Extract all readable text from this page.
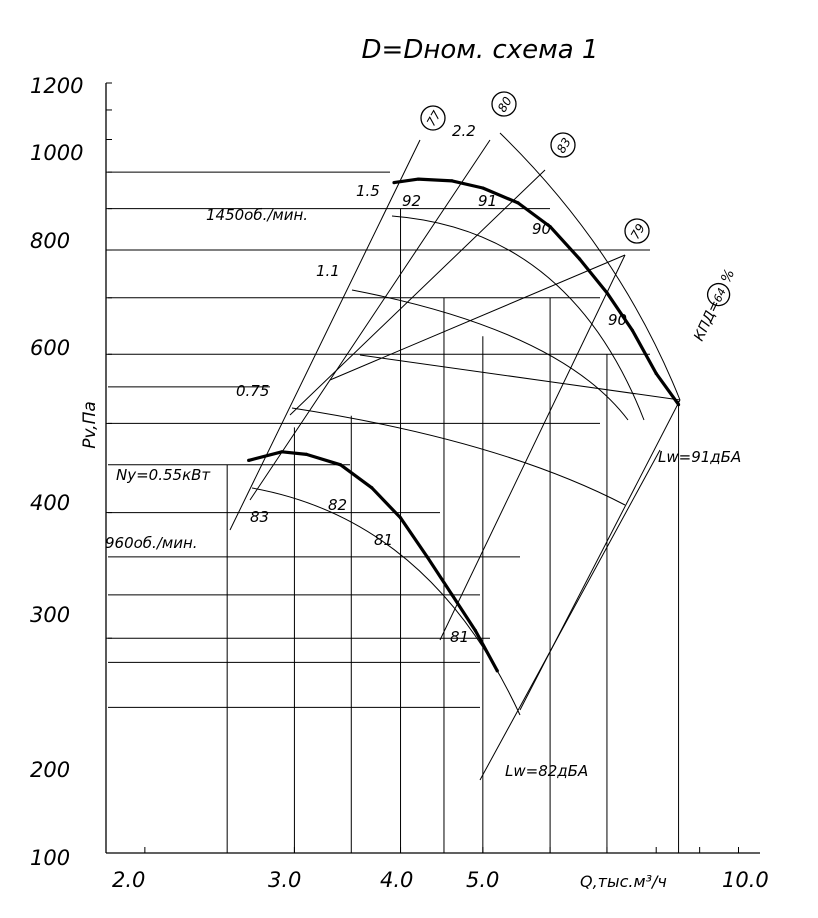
D=Dном. схема 1
Pv,Па
Q,тыс.м³/ч
100
200
300
400
600
800
1000
1200
2.0	3.0	4.0	5.0	10.0
Ny=0.55кВт
0.75
1.1
1.5
2.2
92	91
90
90
83
82
81
81
1450об./мин.
960об./мин.
Lw=91дБА
Lw=82дБА
77
80
83
79
КПД=
64
%
